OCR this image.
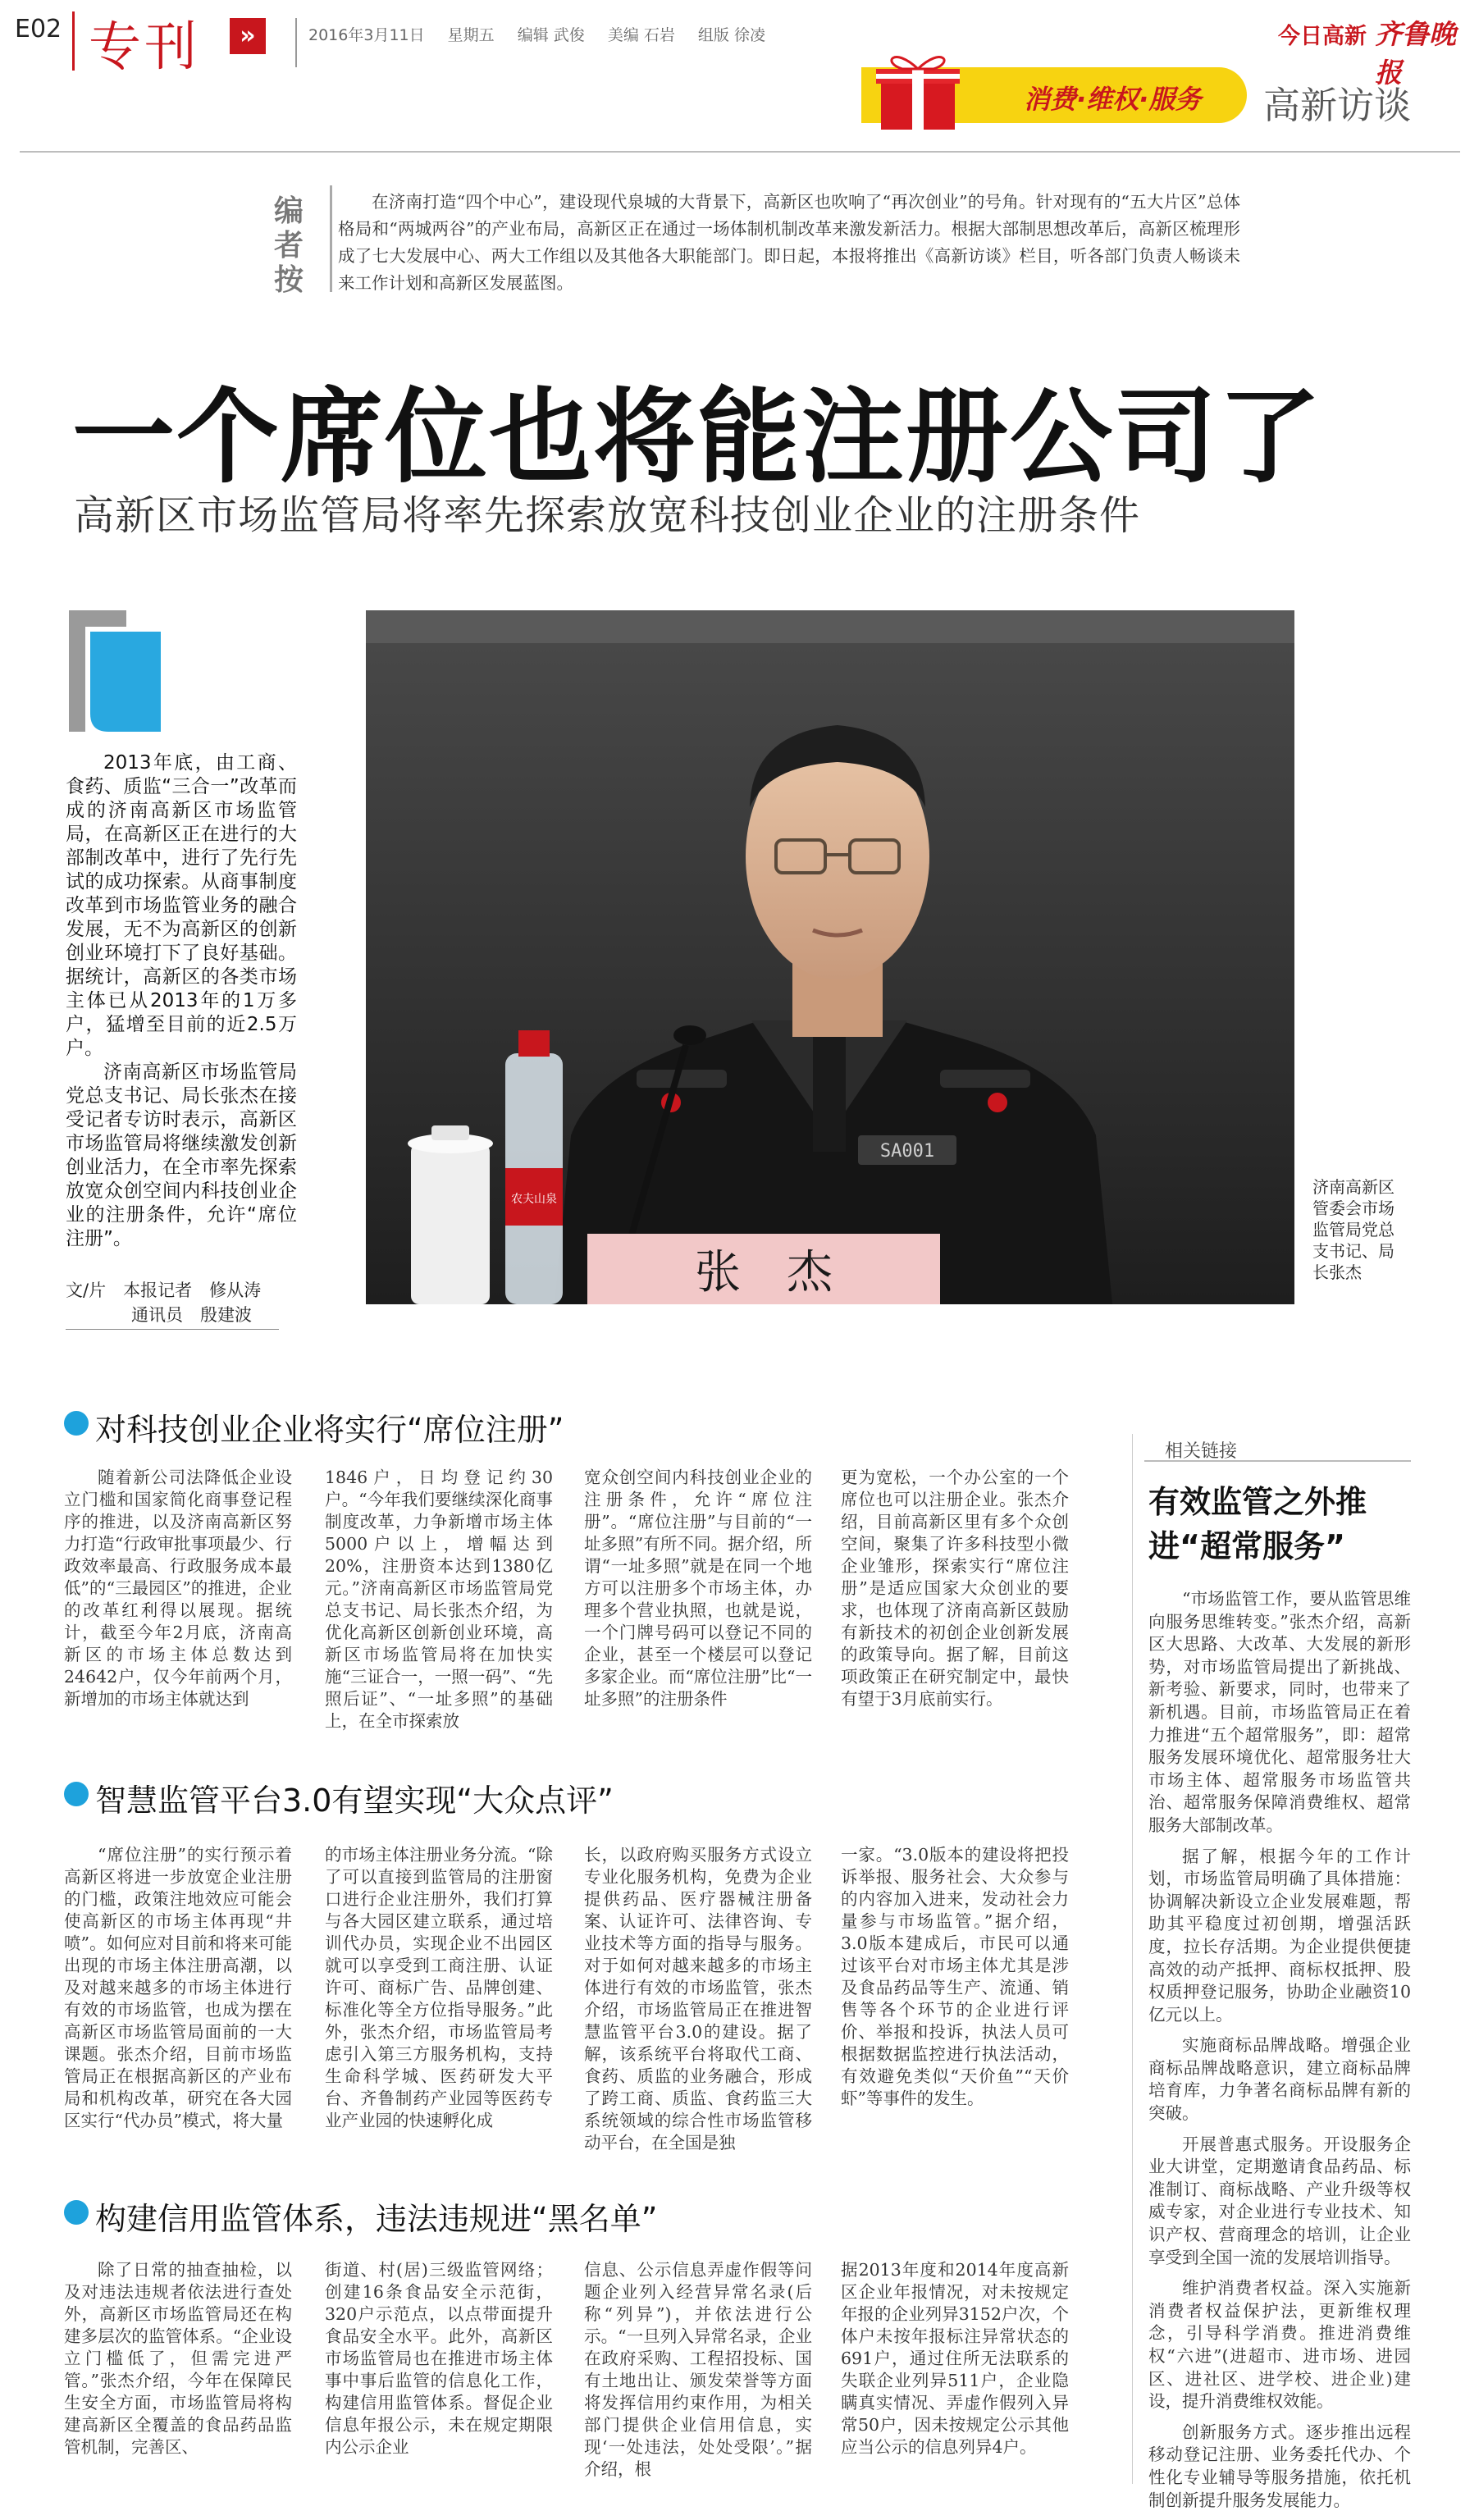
E02 专刊	»	2016年3月11日 星期五 编辑 武俊 美编 石岩 组版 徐凌	今日高新 齐鲁晚报
消费·维权·服务 高新访谈
编者按
在济南打造“四个中心”，建设现代泉城的大背景下，高新区也吹响了“再次创业”的号角。针对现有的“五大片区”总体格局和“两城两谷”的产业布局，高新区正在通过一场体制机制改革来激发新活力。根据大部制思想改革后，高新区梳理形成了七大发展中心、两大工作组以及其他各大职能部门。即日起，本报将推出《高新访谈》栏目，听各部门负责人畅谈未来工作计划和高新区发展蓝图。
一个席位也将能注册公司了
高新区市场监管局将率先探索放宽科技创业企业的注册条件

2013年底，由工商、食药、质监“三合一”改革而成的济南高新区市场监管局，在高新区正在进行的大部制改革中，进行了先行先试的成功探索。从商事制度改革到市场监管业务的融合发展，无不为高新区的创新创业环境打下了良好基础。据统计，高新区的各类市场主体已从2013年的1万多户，猛增至目前的近2.5万户。

济南高新区市场监管局党总支书记、局长张杰在接受记者专访时表示，高新区市场监管局将继续激发创新创业活力，在全市率先探索放宽众创空间内科技创业企业的注册条件，允许“席位注册”。

文/片　本报记者　修从涛
通讯员　殷建波
SA001
农夫山泉
张　杰
济南高新区管委会市场监管局党总支书记、局长张杰
对科技创业企业将实行“席位注册”

随着新公司法降低企业设立门槛和国家简化商事登记程序的推进，以及济南高新区努力打造“行政审批事项最少、行政效率最高、行政服务成本最低”的“三最园区”的推进，企业的改革红利得以展现。据统计，截至今年2月底，济南高新区的市场主体总数达到24642户，仅今年前两个月，新增加的市场主体就达到

1846户，日均登记约30户。“今年我们要继续深化商事制度改革，力争新增市场主体5000户以上，增幅达到20%，注册资本达到1380亿元。”济南高新区市场监管局党总支书记、局长张杰介绍，为优化高新区创新创业环境，高新区市场监管局将在加快实施“三证合一，一照一码”、“先照后证”、“一址多照”的基础上，在全市探索放

宽众创空间内科技创业企业的注册条件，允许“席位注册”。“席位注册”与目前的“一址多照”有所不同。据介绍，所谓“一址多照”就是在同一个地方可以注册多个市场主体，办理多个营业执照，也就是说，一个门牌号码可以登记不同的企业，甚至一个楼层可以登记多家企业。而“席位注册”比“一址多照”的注册条件

更为宽松，一个办公室的一个席位也可以注册企业。张杰介绍，目前高新区里有多个众创空间，聚集了许多科技型小微企业雏形，探索实行“席位注册”是适应国家大众创业的要求，也体现了济南高新区鼓励有新技术的初创企业创新发展的政策导向。据了解，目前这项政策正在研究制定中，最快有望于3月底前实行。

智慧监管平台3.0有望实现“大众点评”

“席位注册”的实行预示着高新区将进一步放宽企业注册的门槛，政策注地效应可能会使高新区的市场主体再现“井喷”。如何应对目前和将来可能出现的市场主体注册高潮，以及对越来越多的市场主体进行有效的市场监管，也成为摆在高新区市场监管局面前的一大课题。张杰介绍，目前市场监管局正在根据高新区的产业布局和机构改革，研究在各大园区实行“代办员”模式，将大量

的市场主体注册业务分流。“除了可以直接到监管局的注册窗口进行企业注册外，我们打算与各大园区建立联系，通过培训代办员，实现企业不出园区就可以享受到工商注册、认证许可、商标广告、品牌创建、标准化等全方位指导服务。”此外，张杰介绍，市场监管局考虑引入第三方服务机构，支持生命科学城、医药研发大平台、齐鲁制药产业园等医药专业产业园的快速孵化成

长，以政府购买服务方式设立专业化服务机构，免费为企业提供药品、医疗器械注册备案、认证许可、法律咨询、专业技术等方面的指导与服务。对于如何对越来越多的市场主体进行有效的市场监管，张杰介绍，市场监管局正在推进智慧监管平台3.0的建设。据了解，该系统平台将取代工商、食药、质监的业务融合，形成了跨工商、质监、食药监三大系统领域的综合性市场监管移动平台，在全国是独

一家。“3.0版本的建设将把投诉举报、服务社会、大众参与的内容加入进来，发动社会力量参与市场监管。”据介绍，3.0版本建成后，市民可以通过该平台对市场主体尤其是涉及食品药品等生产、流通、销售等各个环节的企业进行评价、举报和投诉，执法人员可根据数据监控进行执法活动，有效避免类似“天价鱼”“天价虾”等事件的发生。

构建信用监管体系，违法违规进“黑名单”

除了日常的抽查抽检，以及对违法违规者依法进行查处外，高新区市场监管局还在构建多层次的监管体系。“企业设立门槛低了，但需完进严管。”张杰介绍，今年在保障民生安全方面，市场监管局将构建高新区全覆盖的食品药品监管机制，完善区、

街道、村(居)三级监管网络；创建16条食品安全示范街，320户示范点，以点带面提升食品安全水平。此外，高新区市场监管局也在推进市场主体事中事后监管的信息化工作，构建信用监管体系。督促企业信息年报公示，未在规定期限内公示企业

信息、公示信息弄虚作假等问题企业列入经营异常名录(后称“列异”)，并依法进行公示。“一旦列入异常名录，企业在政府采购、工程招投标、国有土地出让、颁发荣誉等方面将发挥信用约束作用，为相关部门提供企业信用信息，实现‘一处违法，处处受限’。”据介绍，根

据2013年度和2014年度高新区企业年报情况，对未按规定年报的企业列异3152户次，个体户未按年报标注异常状态的691户，通过住所无法联系的失联企业列异511户，企业隐瞒真实情况、弄虚作假列入异常50户，因未按规定公示其他应当公示的信息列异4户。

相关链接
有效监管之外推进“超常服务”

“市场监管工作，要从监管思维向服务思维转变。”张杰介绍，高新区大思路、大改革、大发展的新形势，对市场监管局提出了新挑战、新考验、新要求，同时，也带来了新机遇。目前，市场监管局正在着力推进“五个超常服务”，即：超常服务发展环境优化、超常服务壮大市场主体、超常服务市场监管共治、超常服务保障消费维权、超常服务大部制改革。

据了解，根据今年的工作计划，市场监管局明确了具体措施：协调解决新设立企业发展难题，帮助其平稳度过初创期，增强活跃度，拉长存活期。为企业提供便捷高效的动产抵押、商标权抵押、股权质押登记服务，协助企业融资10亿元以上。

实施商标品牌战略。增强企业商标品牌战略意识，建立商标品牌培育库，力争著名商标品牌有新的突破。

开展普惠式服务。开设服务企业大讲堂，定期邀请食品药品、标准制订、商标战略、产业升级等权威专家，对企业进行专业技术、知识产权、营商理念的培训，让企业享受到全国一流的发展培训指导。

维护消费者权益。深入实施新消费者权益保护法，更新维权理念，引导科学消费。推进消费维权“六进”(进超市、进市场、进园区、进社区、进学校、进企业)建设，提升消费维权效能。

创新服务方式。逐步推出远程移动登记注册、业务委托代办、个性化专业辅导等服务措施，依托机制创新提升服务发展能力。
